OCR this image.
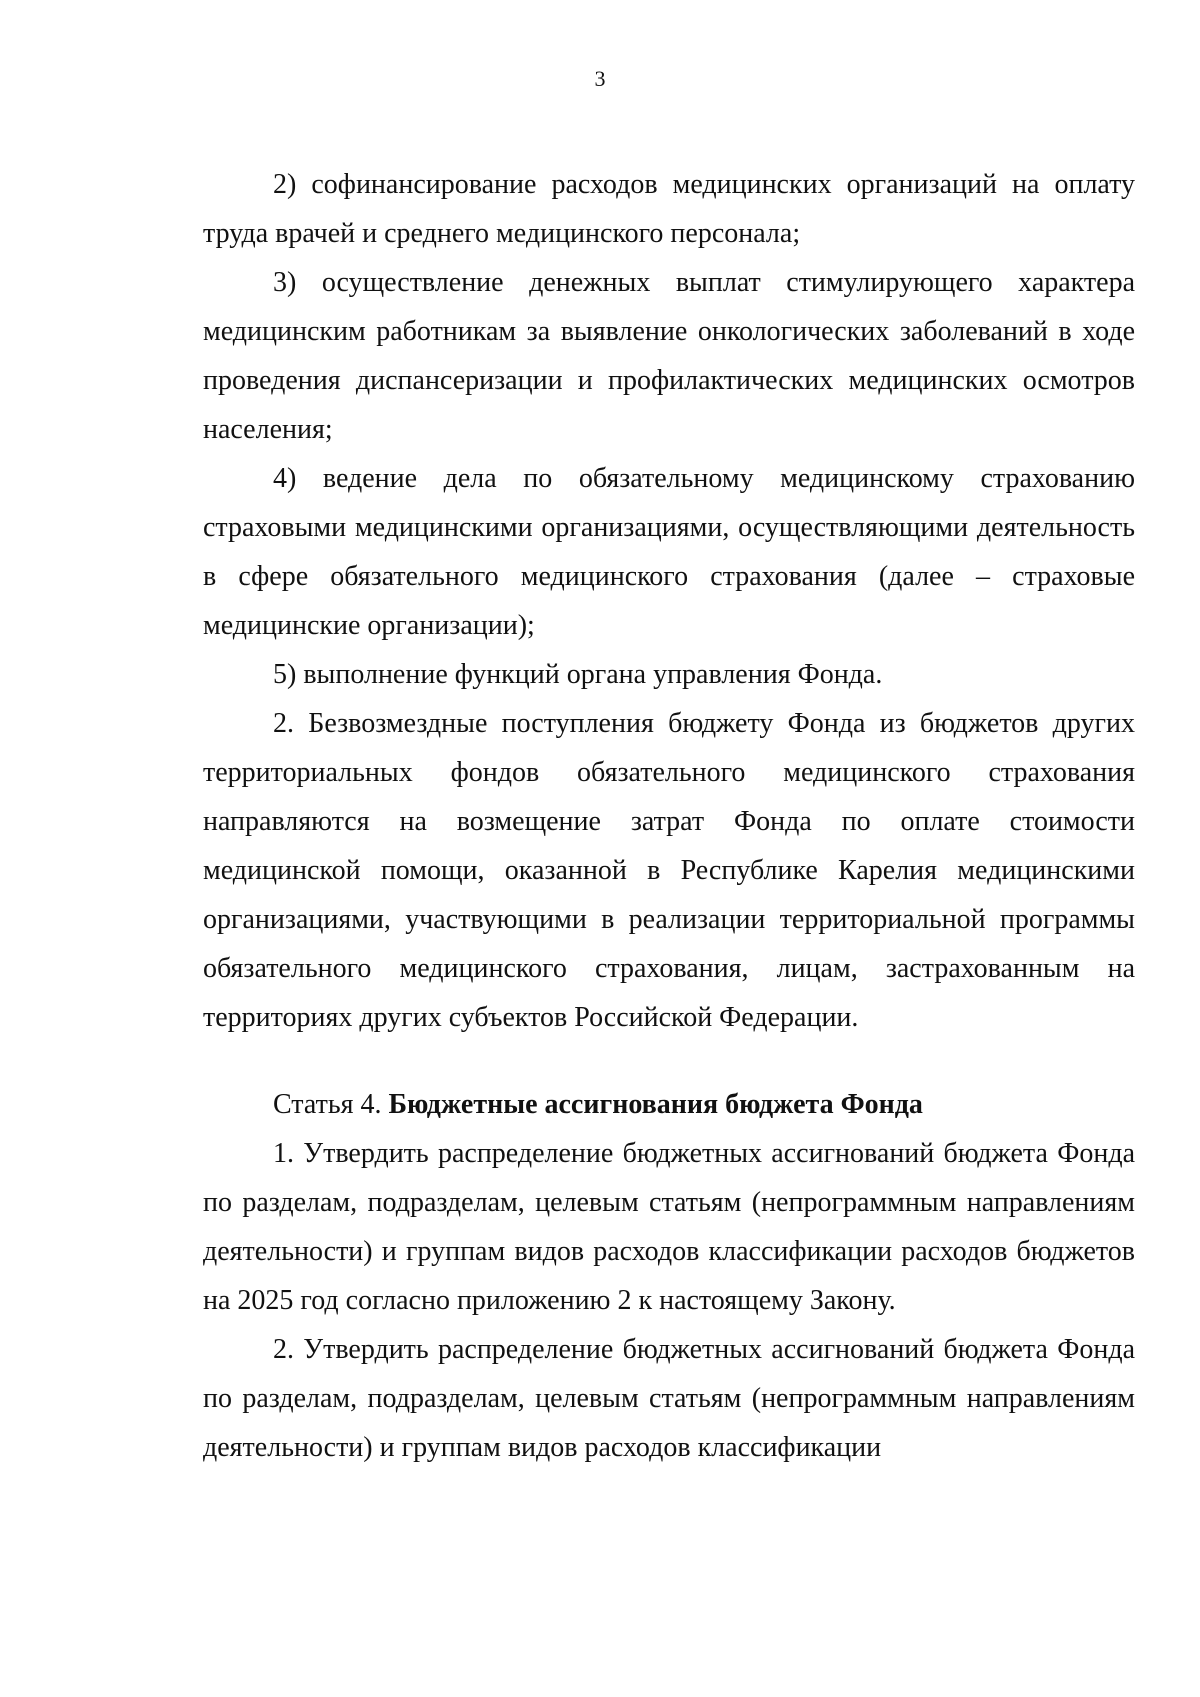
3

2) софинансирование расходов медицинских организаций на оплату труда врачей и среднего медицинского персонала;

3) осуществление денежных выплат стимулирующего характера медицинским работникам за выявление онкологических заболеваний в ходе проведения диспансеризации и профилактических медицинских осмотров населения;

4) ведение дела по обязательному медицинскому страхованию страховыми медицинскими организациями, осуществляющими деятельность в сфере обязательного медицинского страхования (далее – страховые медицинские организации);

5) выполнение функций органа управления Фонда.

2. Безвозмездные поступления бюджету Фонда из бюджетов других территориальных фондов обязательного медицинского страхования направляются на возмещение затрат Фонда по оплате стоимости медицинской помощи, оказанной в Республике Карелия медицинскими организациями, участвующими в реализации территориальной программы обязательного медицинского страхования, лицам, застрахованным на территориях других субъектов Российской Федерации.

Статья 4. Бюджетные ассигнования бюджета Фонда

1. Утвердить распределение бюджетных ассигнований бюджета Фонда по разделам, подразделам, целевым статьям (непрограммным направлениям деятельности) и группам видов расходов классификации расходов бюджетов на 2025 год согласно приложению 2 к настоящему Закону.

2. Утвердить распределение бюджетных ассигнований бюджета Фонда по разделам, подразделам, целевым статьям (непрограммным направлениям деятельности) и группам видов расходов классификации
